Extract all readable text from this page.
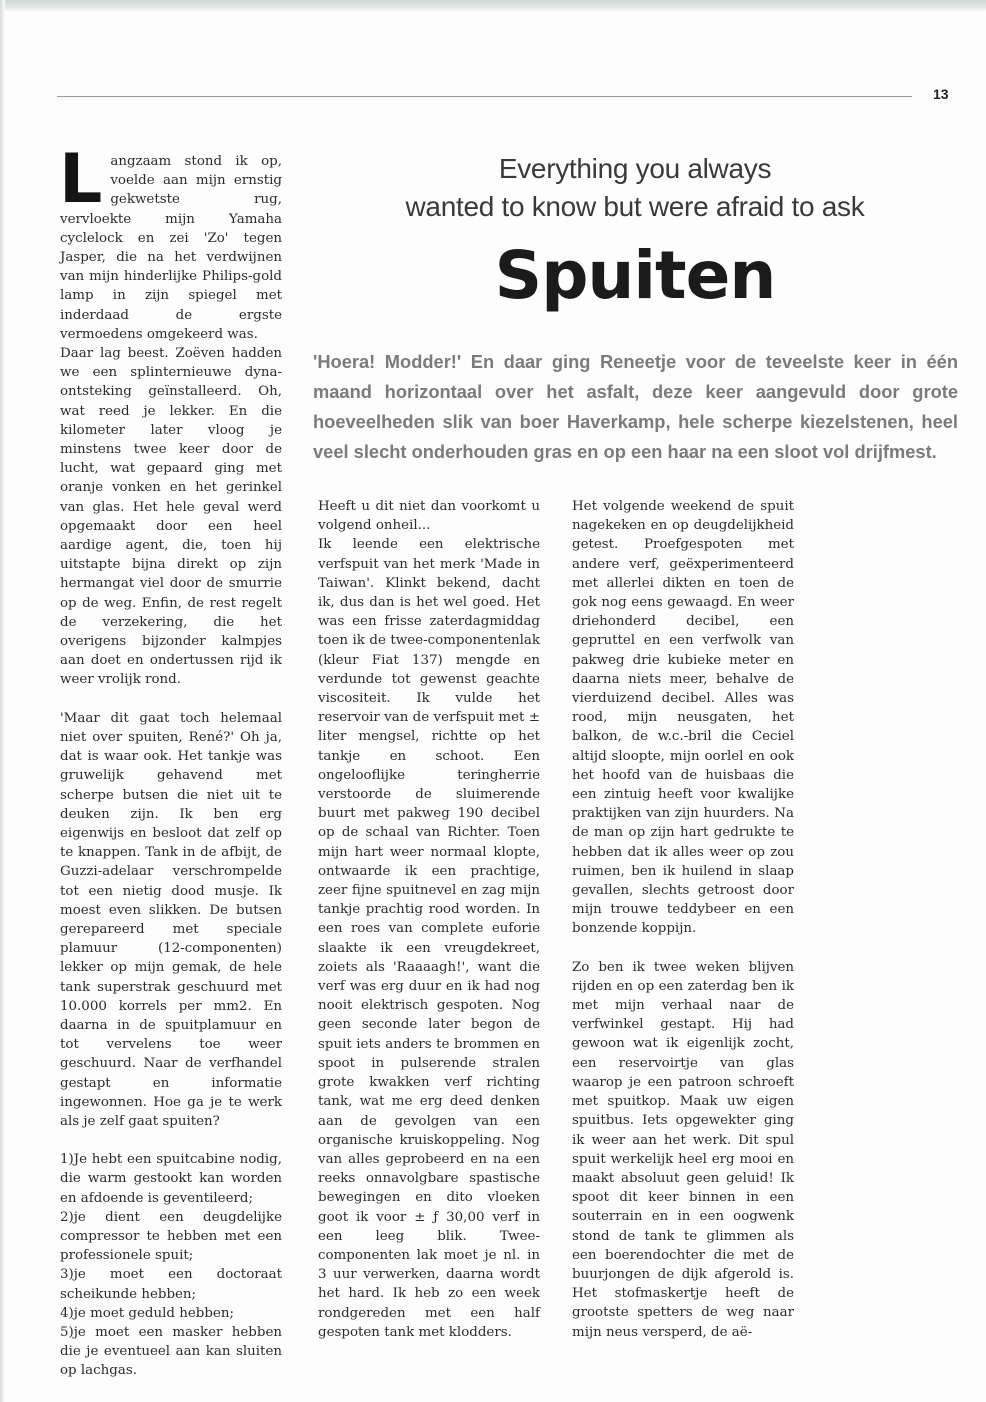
13
Everything you always
wanted to know but were afraid to ask
Spuiten
'Hoera! Modder!' En daar ging Reneetje voor de teveelste keer in één maand horizontaal over het asfalt, deze keer aangevuld door grote hoeveelheden slik van boer Haverkamp, hele scherpe kiezelstenen, heel veel slecht onderhouden gras en op een haar na een sloot vol drijfmest.

Langzaam stond ik op, voelde aan mijn ernstig gekwetste rug, vervloekte mijn Yamaha cyclelock en zei 'Zo' tegen Jasper, die na het verdwijnen van mijn hinderlijke Philips-gold lamp in zijn spiegel met inderdaad de ergste vermoedens omgekeerd was.

Daar lag beest. Zoëven hadden we een splinternieuwe dyna-ontsteking geïnstalleerd. Oh, wat reed je lekker. En die kilometer later vloog je minstens twee keer door de lucht, wat gepaard ging met oranje vonken en het gerinkel van glas. Het hele geval werd opgemaakt door een heel aardige agent, die, toen hij uitstapte bijna direkt op zijn hermangat viel door de smurrie op de weg. Enfin, de rest regelt de verzekering, die het overigens bijzonder kalmpjes aan doet en ondertussen rijd ik weer vrolijk rond.

'Maar dit gaat toch helemaal niet over spuiten, René?' Oh ja, dat is waar ook. Het tankje was gruwelijk gehavend met scherpe butsen die niet uit te deuken zijn. Ik ben erg eigenwijs en besloot dat zelf op te knappen. Tank in de afbijt, de Guzzi-adelaar verschrompelde tot een nietig dood musje. Ik moest even slikken. De butsen gerepareerd met speciale plamuur (12-componenten) lekker op mijn gemak, de hele tank superstrak geschuurd met 10.000 korrels per mm2. En daarna in de spuitplamuur en tot vervelens toe weer geschuurd. Naar de verfhandel gestapt en informatie ingewonnen. Hoe ga je te werk als je zelf gaat spuiten?

1)Je hebt een spuitcabine nodig, die warm gestookt kan worden en afdoende is geventileerd;

2)je dient een deugdelijke compressor te hebben met een professionele spuit;

3)je moet een doctoraat scheikunde hebben;

4)je moet geduld hebben;

5)je moet een masker hebben die je eventueel aan kan sluiten op lachgas.

Heeft u dit niet dan voorkomt u volgend onheil...

Ik leende een elektrische verfspuit van het merk 'Made in Taiwan'. Klinkt bekend, dacht ik, dus dan is het wel goed. Het was een frisse zaterdagmiddag toen ik de twee-componentenlak (kleur Fiat 137) mengde en verdunde tot gewenst geachte viscositeit. Ik vulde het reservoir van de verfspuit met ± liter mengsel, richtte op het tankje en schoot. Een ongelooflijke teringherrie verstoorde de sluimerende buurt met pakweg 190 decibel op de schaal van Richter. Toen mijn hart weer normaal klopte, ontwaarde ik een prachtige, zeer fijne spuitnevel en zag mijn tankje prachtig rood worden. In een roes van complete euforie slaakte ik een vreugdekreet, zoiets als 'Raaaagh!', want die verf was erg duur en ik had nog nooit elektrisch gespoten. Nog geen seconde later begon de spuit iets anders te brommen en spoot in pulserende stralen grote kwakken verf richting tank, wat me erg deed denken aan de gevolgen van een organische kruiskoppeling. Nog van alles geprobeerd en na een reeks onnavolgbare spastische bewegingen en dito vloeken goot ik voor ± ƒ 30,00 verf in een leeg blik. Twee-componenten lak moet je nl. in 3 uur verwerken, daarna wordt het hard. Ik heb zo een week rondgereden met een half gespoten tank met klodders.

Het volgende weekend de spuit nagekeken en op deugdelijkheid getest. Proefgespoten met andere verf, geëxperimenteerd met allerlei dikten en toen de gok nog eens gewaagd. En weer driehonderd decibel, een gepruttel en een verfwolk van pakweg drie kubieke meter en daarna niets meer, behalve de vierduizend decibel. Alles was rood, mijn neusgaten, het balkon, de w.c.-bril die Ceciel altijd sloopte, mijn oorlel en ook het hoofd van de huisbaas die een zintuig heeft voor kwalijke praktijken van zijn huurders. Na de man op zijn hart gedrukte te hebben dat ik alles weer op zou ruimen, ben ik huilend in slaap gevallen, slechts getroost door mijn trouwe teddybeer en een bonzende koppijn.

Zo ben ik twee weken blijven rijden en op een zaterdag ben ik met mijn verhaal naar de verfwinkel gestapt. Hij had gewoon wat ik eigenlijk zocht, een reservoirtje van glas waarop je een patroon schroeft met spuitkop. Maak uw eigen spuitbus. Iets opgewekter ging ik weer aan het werk. Dit spul spuit werkelijk heel erg mooi en maakt absoluut geen geluid! Ik spoot dit keer binnen in een souterrain en in een oogwenk stond de tank te glimmen als een boerendochter die met de buurjongen de dijk afgerold is. Het stofmaskertje heeft de grootste spetters de weg naar mijn neus versperd, de aë-
